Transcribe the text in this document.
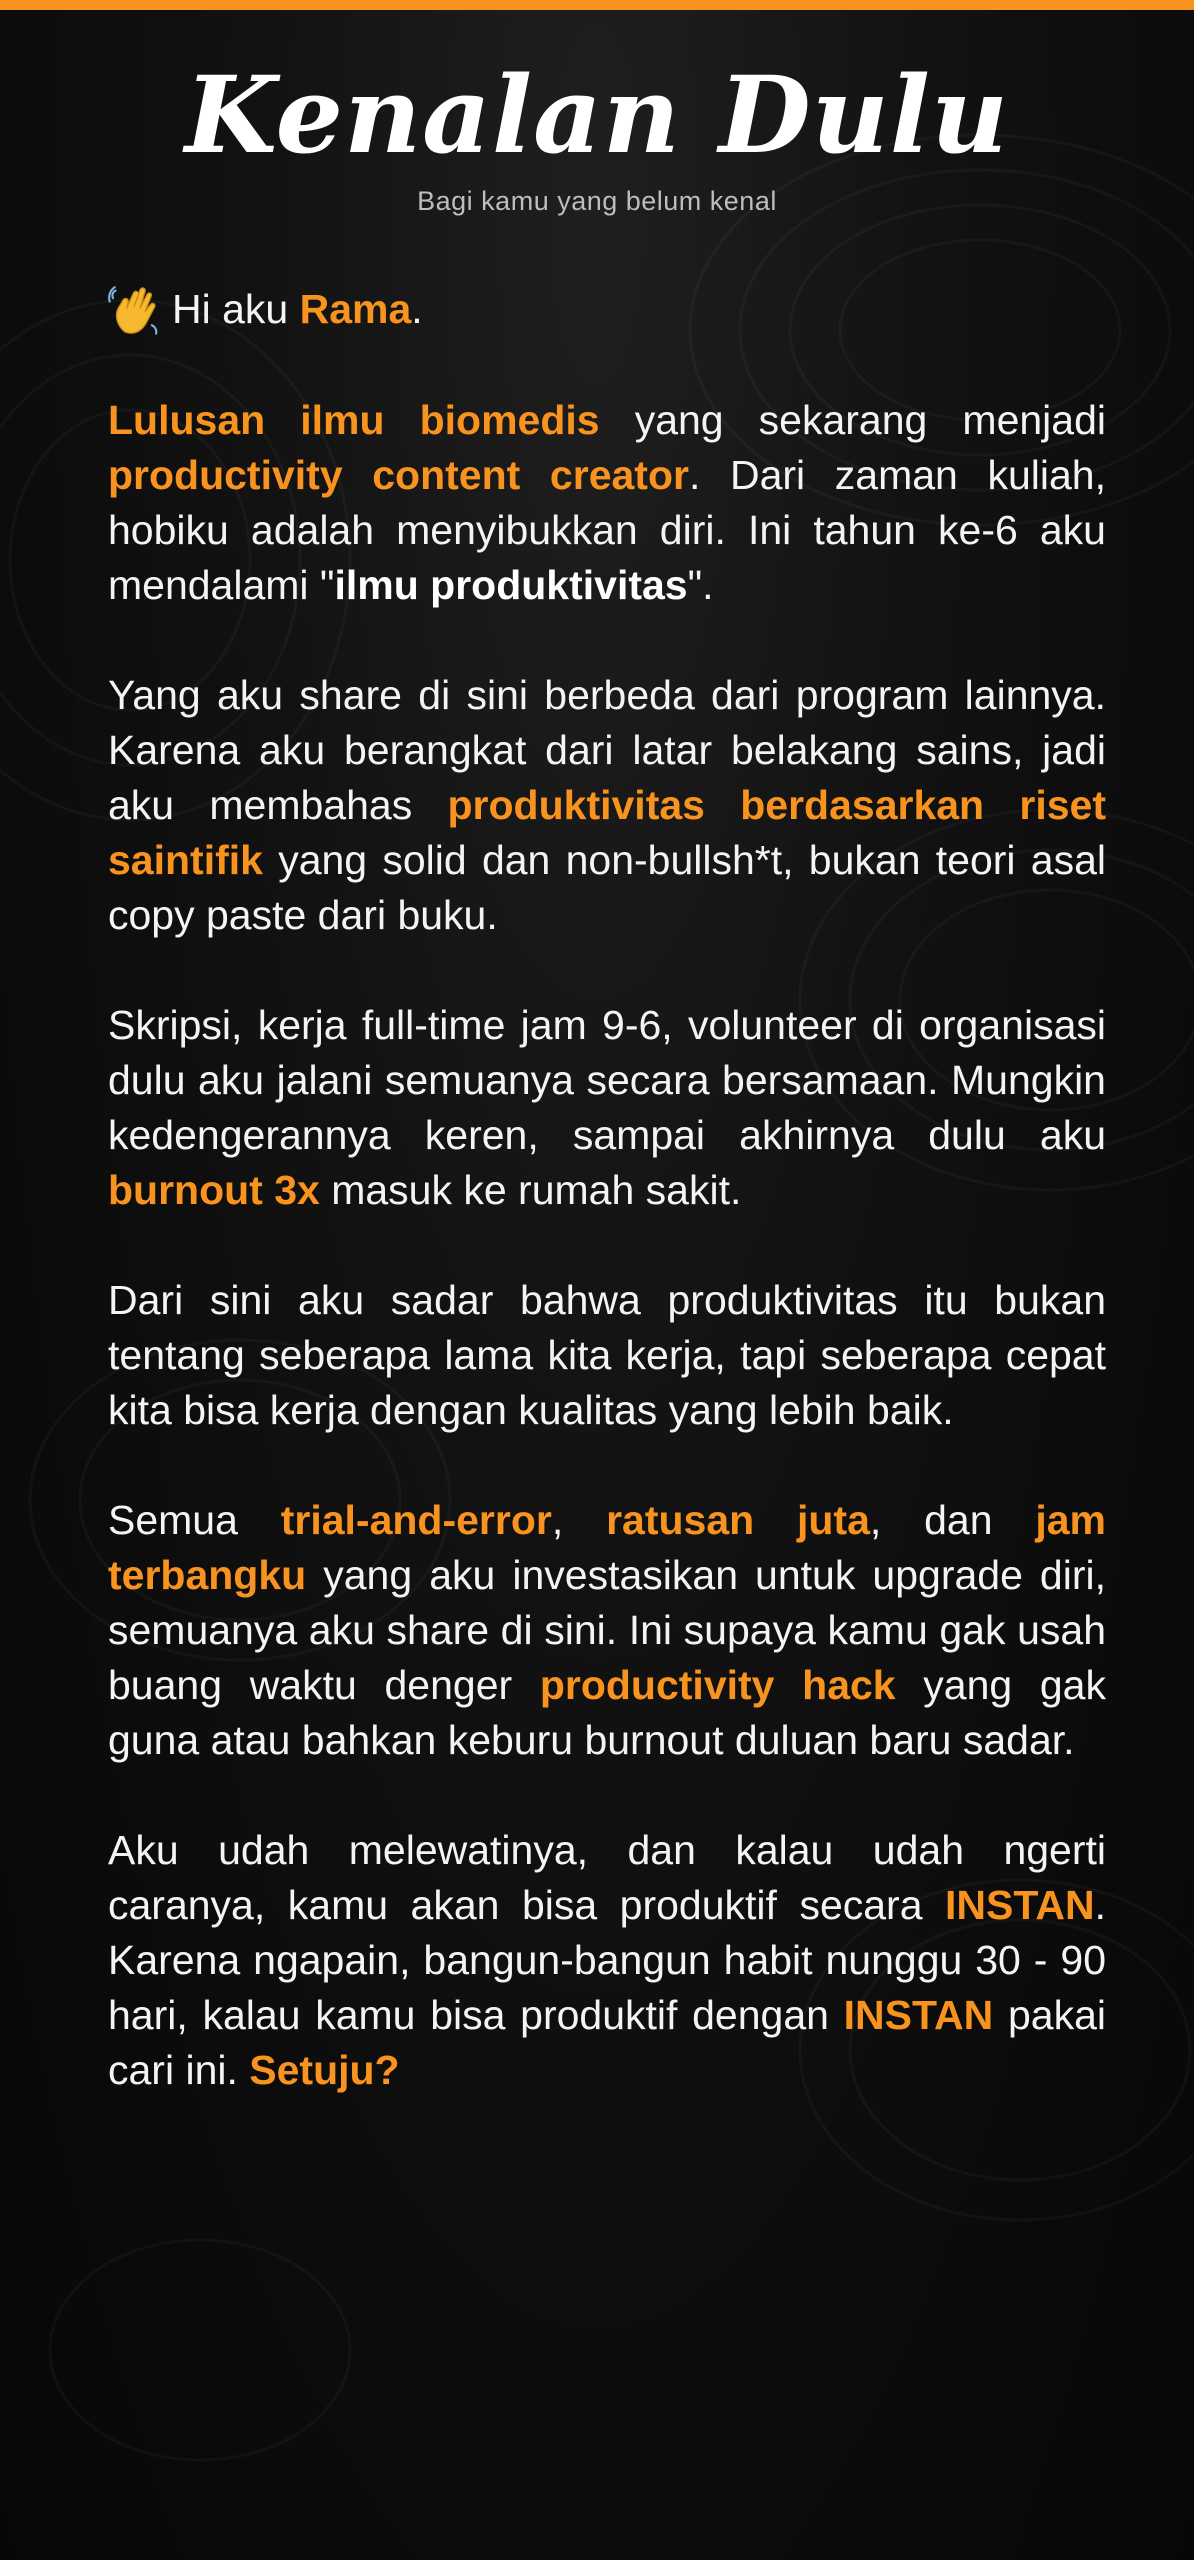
Kenalan Dulu
Bagi kamu yang belum kenal
Hi aku Rama .

Lulusan ilmu biomedis yang sekarang menjadi productivity content creator. Dari zaman kuliah, hobiku adalah menyibukkan diri. Ini tahun ke-6 aku mendalami "ilmu produktivitas".

Yang aku share di sini berbeda dari program lainnya. Karena aku berangkat dari latar belakang sains, jadi aku membahas produktivitas berdasarkan riset saintifik yang solid dan non-bullsh*t, bukan teori asal copy paste dari buku.

Skripsi, kerja full-time jam 9-6, volunteer di organisasi dulu aku jalani semuanya secara bersamaan. Mungkin kedengerannya keren, sampai akhirnya dulu aku burnout 3x masuk ke rumah sakit.

Dari sini aku sadar bahwa produktivitas itu bukan tentang seberapa lama kita kerja, tapi seberapa cepat kita bisa kerja dengan kualitas yang lebih baik.

Semua trial-and-error, ratusan juta, dan jam terbangku yang aku investasikan untuk upgrade diri, semuanya aku share di sini. Ini supaya kamu gak usah buang waktu denger productivity hack yang gak guna atau bahkan keburu burnout duluan baru sadar.

Aku udah melewatinya, dan kalau udah ngerti caranya, kamu akan bisa produktif secara INSTAN. Karena ngapain, bangun-bangun habit nunggu 30 - 90 hari, kalau kamu bisa produktif dengan INSTAN pakai cari ini. Setuju?
